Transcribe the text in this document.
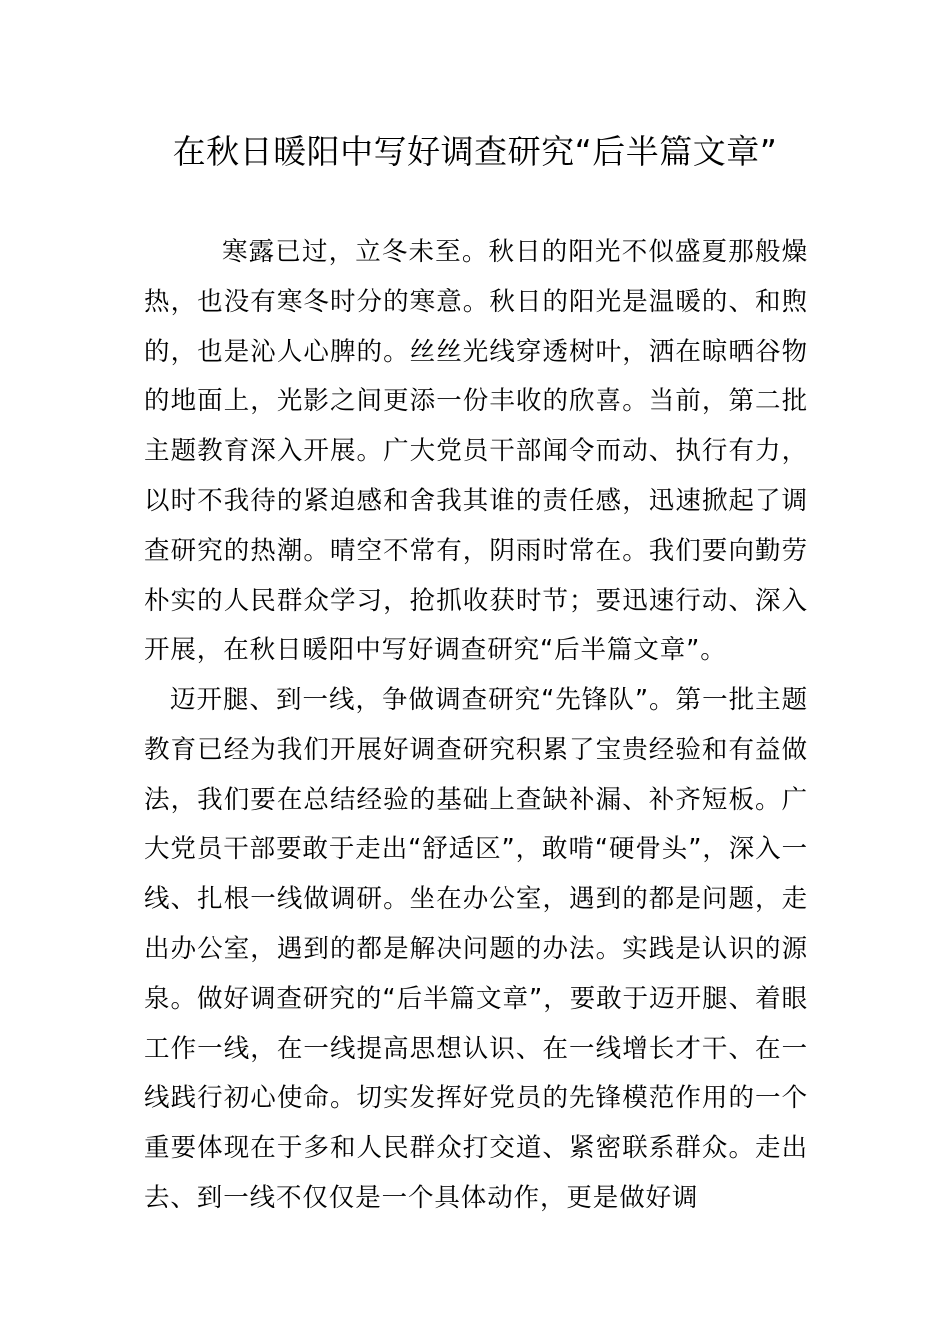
在秋日暖阳中写好调查研究“后半篇文章”

寒露已过，立冬未至。秋日的阳光不似盛夏那般燥热，也没有寒冬时分的寒意。秋日的阳光是温暖的、和煦的，也是沁人心脾的。丝丝光线穿透树叶，洒在晾晒谷物的地面上，光影之间更添一份丰收的欣喜。当前，第二批主题教育深入开展。广大党员干部闻令而动、执行有力，以时不我待的紧迫感和舍我其谁的责任感，迅速掀起了调查研究的热潮。晴空不常有，阴雨时常在。我们要向勤劳朴实的人民群众学习，抢抓收获时节；要迅速行动、深入开展，在秋日暖阳中写好调查研究“后半篇文章”。

迈开腿、到一线，争做调查研究“先锋队”。第一批主题教育已经为我们开展好调查研究积累了宝贵经验和有益做法，我们要在总结经验的基础上查缺补漏、补齐短板。广大党员干部要敢于走出“舒适区”，敢啃“硬骨头”，深入一线、扎根一线做调研。坐在办公室，遇到的都是问题，走出办公室，遇到的都是解决问题的办法。实践是认识的源泉。做好调查研究的“后半篇文章”，要敢于迈开腿、着眼工作一线，在一线提高思想认识、在一线增长才干、在一线践行初心使命。切实发挥好党员的先锋模范作用的一个重要体现在于多和人民群众打交道、紧密联系群众。走出去、到一线不仅仅是一个具体动作，更是做好调
